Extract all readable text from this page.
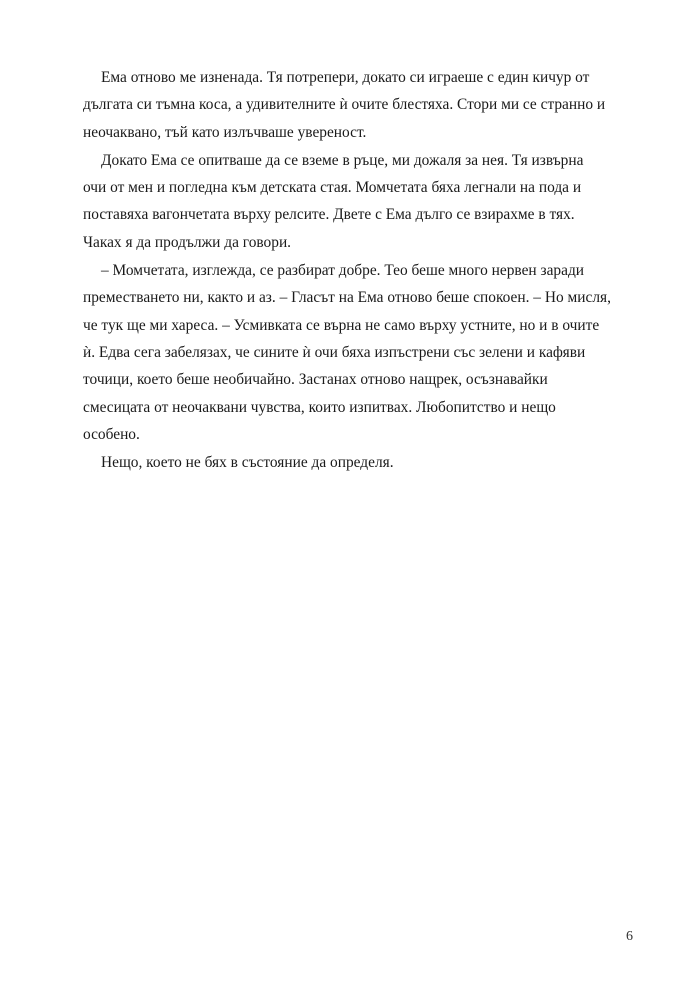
Ема отново ме изненада. Тя потрепери, докато си играеше с един кичур от
дългата си тъмна коса, а удивителните ѝ очите блестяха. Стори ми се странно и
неочаквано, тъй като излъчваше увереност.

Докато Ема се опитваше да се вземе в ръце, ми дожаля за нея. Тя извърна
очи от мен и погледна към детската стая. Момчетата бяха легнали на пода и
поставяха вагончетата върху релсите. Двете с Ема дълго се взирахме в тях.
Чаках я да продължи да говори.

– Момчетата, изглежда, се разбират добре. Тео беше много нервен заради
преместването ни, както и аз. – Гласът на Ема отново беше спокоен. – Но мисля,
че тук ще ми хареса. – Усмивката се върна не само върху устните, но и в очите
ѝ. Едва сега забелязах, че сините ѝ очи бяха изпъстрени със зелени и кафяви
точици, което беше необичайно. Застанах отново нащрек, осъзнавайки
смесицата от неочаквани чувства, които изпитвах. Любопитство и нещо
особено.

Нещо, което не бях в състояние да определя.

6
